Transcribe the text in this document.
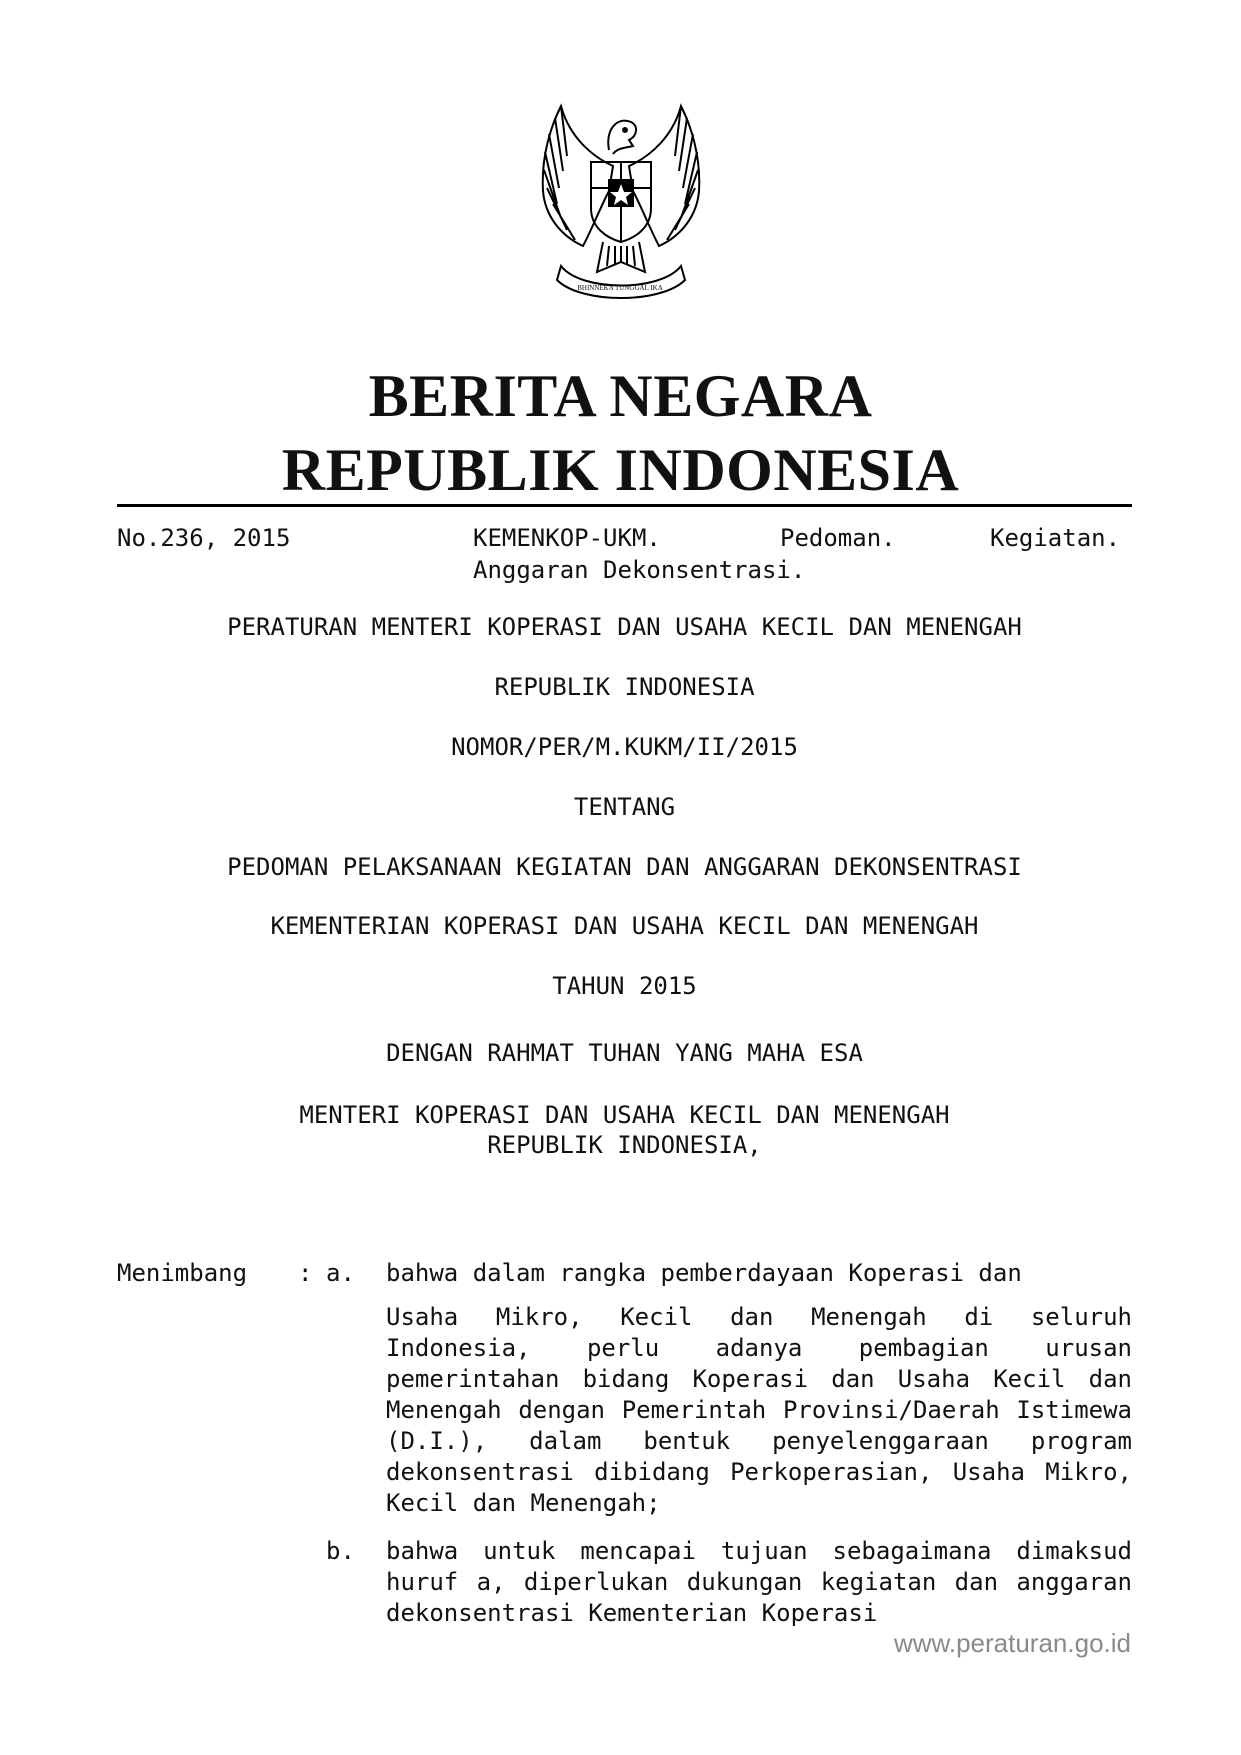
BHINNEKA TUNGGAL IKA
BERITA NEGARA
REPUBLIK INDONESIA
No.236, 2015	KEMENKOP-UKM.	Pedoman.	Kegiatan.
Anggaran Dekonsentrasi.
PERATURAN MENTERI KOPERASI DAN USAHA KECIL DAN MENENGAH
REPUBLIK INDONESIA
NOMOR/PER/M.KUKM/II/2015
TENTANG
PEDOMAN PELAKSANAAN KEGIATAN DAN ANGGARAN DEKONSENTRASI
KEMENTERIAN KOPERASI DAN USAHA KECIL DAN MENENGAH
TAHUN 2015
DENGAN RAHMAT TUHAN YANG MAHA ESA
MENTERI KOPERASI DAN USAHA KECIL DAN MENENGAH
REPUBLIK INDONESIA,
Menimbang : a. bahwa dalam rangka pemberdayaan Koperasi dan
Usaha Mikro, Kecil dan Menengah di seluruh Indonesia, perlu adanya pembagian urusan pemerintahan bidang Koperasi dan Usaha Kecil dan Menengah dengan Pemerintah Provinsi/Daerah Istimewa (D.I.), dalam bentuk penyelenggaraan program dekonsentrasi dibidang Perkoperasian, Usaha Mikro, Kecil dan Menengah;
b. bahwa untuk mencapai tujuan sebagaimana dimaksud huruf a, diperlukan dukungan kegiatan dan anggaran dekonsentrasi Kementerian Koperasi
www.peraturan.go.id
